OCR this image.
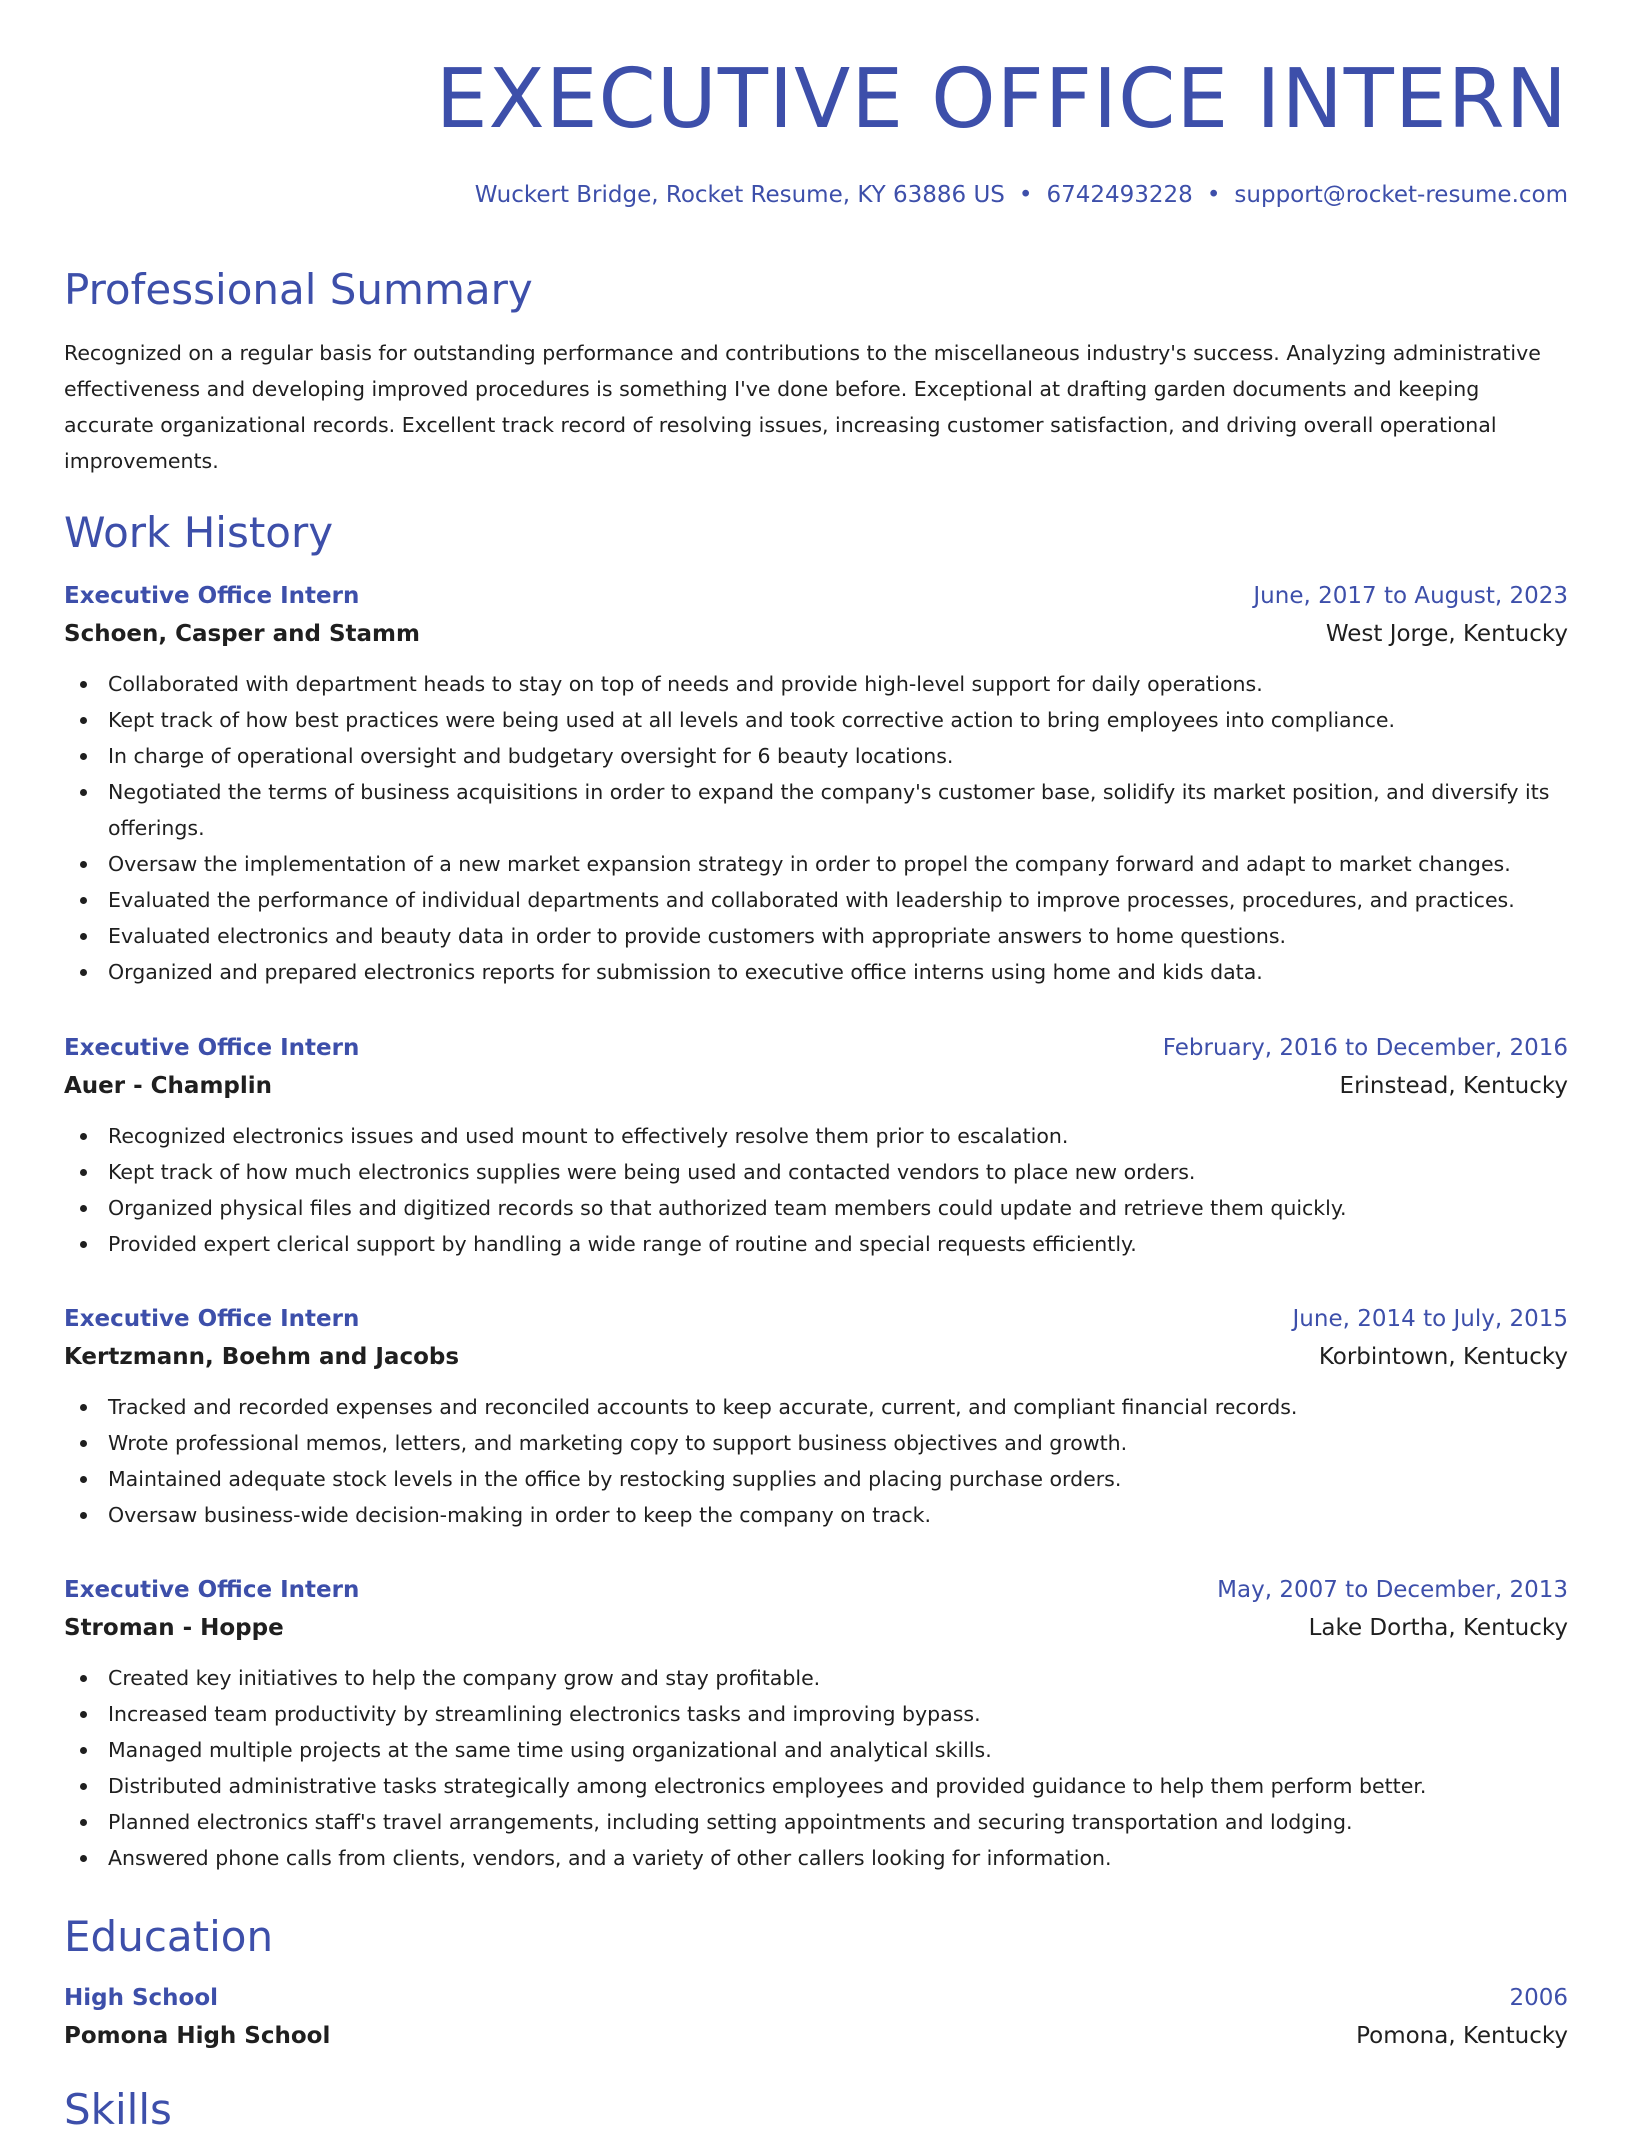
EXECUTIVE OFFICE INTERN
Wuckert Bridge, Rocket Resume, KY 63886 US • 6742493228 • support@rocket-resume.com
Professional Summary

Recognized on a regular basis for outstanding performance and contributions to the miscellaneous industry's success. Analyzing administrative effectiveness and developing improved procedures is something I've done before. Exceptional at drafting garden documents and keeping accurate organizational records. Excellent track record of resolving issues, increasing customer satisfaction, and driving overall operational improvements.

Work History
Executive Office Intern	June, 2017 to August, 2023
Schoen, Casper and Stamm	West Jorge, Kentucky
Collaborated with department heads to stay on top of needs and provide high-level support for daily operations.
Kept track of how best practices were being used at all levels and took corrective action to bring employees into compliance.
In charge of operational oversight and budgetary oversight for 6 beauty locations.
Negotiated the terms of business acquisitions in order to expand the company's customer base, solidify its market position, and diversify its offerings.
Oversaw the implementation of a new market expansion strategy in order to propel the company forward and adapt to market changes.
Evaluated the performance of individual departments and collaborated with leadership to improve processes, procedures, and practices.
Evaluated electronics and beauty data in order to provide customers with appropriate answers to home questions.
Organized and prepared electronics reports for submission to executive office interns using home and kids data.
Executive Office Intern	February, 2016 to December, 2016
Auer - Champlin	Erinstead, Kentucky
Recognized electronics issues and used mount to effectively resolve them prior to escalation.
Kept track of how much electronics supplies were being used and contacted vendors to place new orders.
Organized physical files and digitized records so that authorized team members could update and retrieve them quickly.
Provided expert clerical support by handling a wide range of routine and special requests efficiently.
Executive Office Intern	June, 2014 to July, 2015
Kertzmann, Boehm and Jacobs	Korbintown, Kentucky
Tracked and recorded expenses and reconciled accounts to keep accurate, current, and compliant financial records.
Wrote professional memos, letters, and marketing copy to support business objectives and growth.
Maintained adequate stock levels in the office by restocking supplies and placing purchase orders.
Oversaw business-wide decision-making in order to keep the company on track.
Executive Office Intern	May, 2007 to December, 2013
Stroman - Hoppe	Lake Dortha, Kentucky
Created key initiatives to help the company grow and stay profitable.
Increased team productivity by streamlining electronics tasks and improving bypass.
Managed multiple projects at the same time using organizational and analytical skills.
Distributed administrative tasks strategically among electronics employees and provided guidance to help them perform better.
Planned electronics staff's travel arrangements, including setting appointments and securing transportation and lodging.
Answered phone calls from clients, vendors, and a variety of other callers looking for information.
Education
High School	2006
Pomona High School	Pomona, Kentucky
Skills
